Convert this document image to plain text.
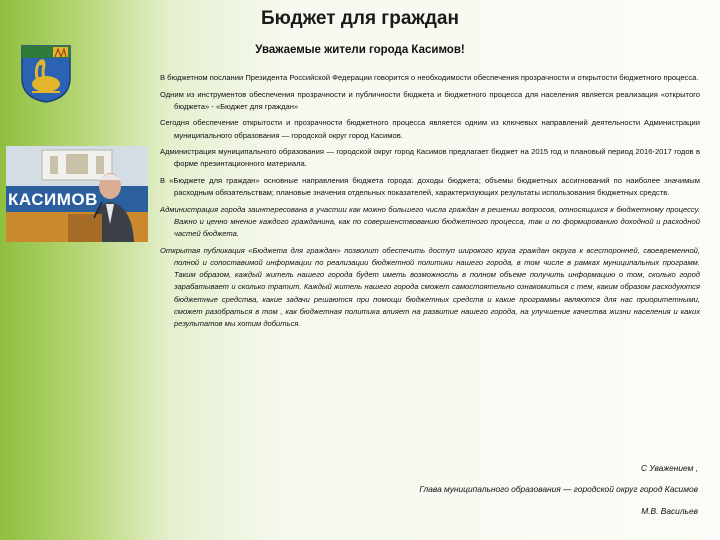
Бюджет для граждан
Уважаемые жители города Касимов!
КАСИМОВ

В бюджетном послании Президента Российской Федерации говорится о необходимости обеспечения прозрачности и открытости бюджетного процесса.

Одним из инструментов обеспечения прозрачности и публичности бюджета и бюджетного процесса для населения является реализация «открытого бюджета» - «Бюджет для граждан»

Сегодня обеспечение открытости и прозрачности бюджетного процесса является одним из ключевых направлений деятельности Администрации муниципального образования — городской округ город Касимов.

Администрация муниципального образования — городской округ город Касимов предлагает бюджет на 2015 год и плановый период 2016-2017 годов в форме презинтационного материала.

В «Бюджете для граждан» основные направления бюджета города: доходы бюджета; объемы бюджетных ассигнований по наиболее значимым расходным обязательствам; плановые значения отдельных показателей, характеризующих результаты использования бюджетных средств.

Администрация города заинтересована в участии как можно большего числа граждан в решении вопросов, относящихся к бюджетному процессу. Важно и ценно мнение каждого гражданина, как по совершенствованию бюджетного процесса, так и по формированию доходной и расходной частей бюджета.

Открытая публикация «Бюджета для граждан» позволит обеспечить доступ широкого круга граждан округа к всесторонней, своевременной, полной и сопоставимой информации по реализации бюджетной политики нашего города, в том числе в рамках муниципальных программ. Таким образом, каждый житель нашего города будет иметь возможность в полном объеме получить информацию о том, сколько город зарабатывает и сколько тратит. Каждый житель нашего города сможет самостоятельно ознакомиться с тем, каким образом расходуются бюджетные средства, какие задачи решаются при помощи бюджетных средств и какие программы являются для нас приоритетными, сможет разобраться в том , как бюджетная политика влияет на развитие нашего города, на улучшение качества жизни населения и каких результатов мы хотим добиться.

С Уважением ,
Глава муниципального образования — городской округ город Касимов
М.В. Васильев
